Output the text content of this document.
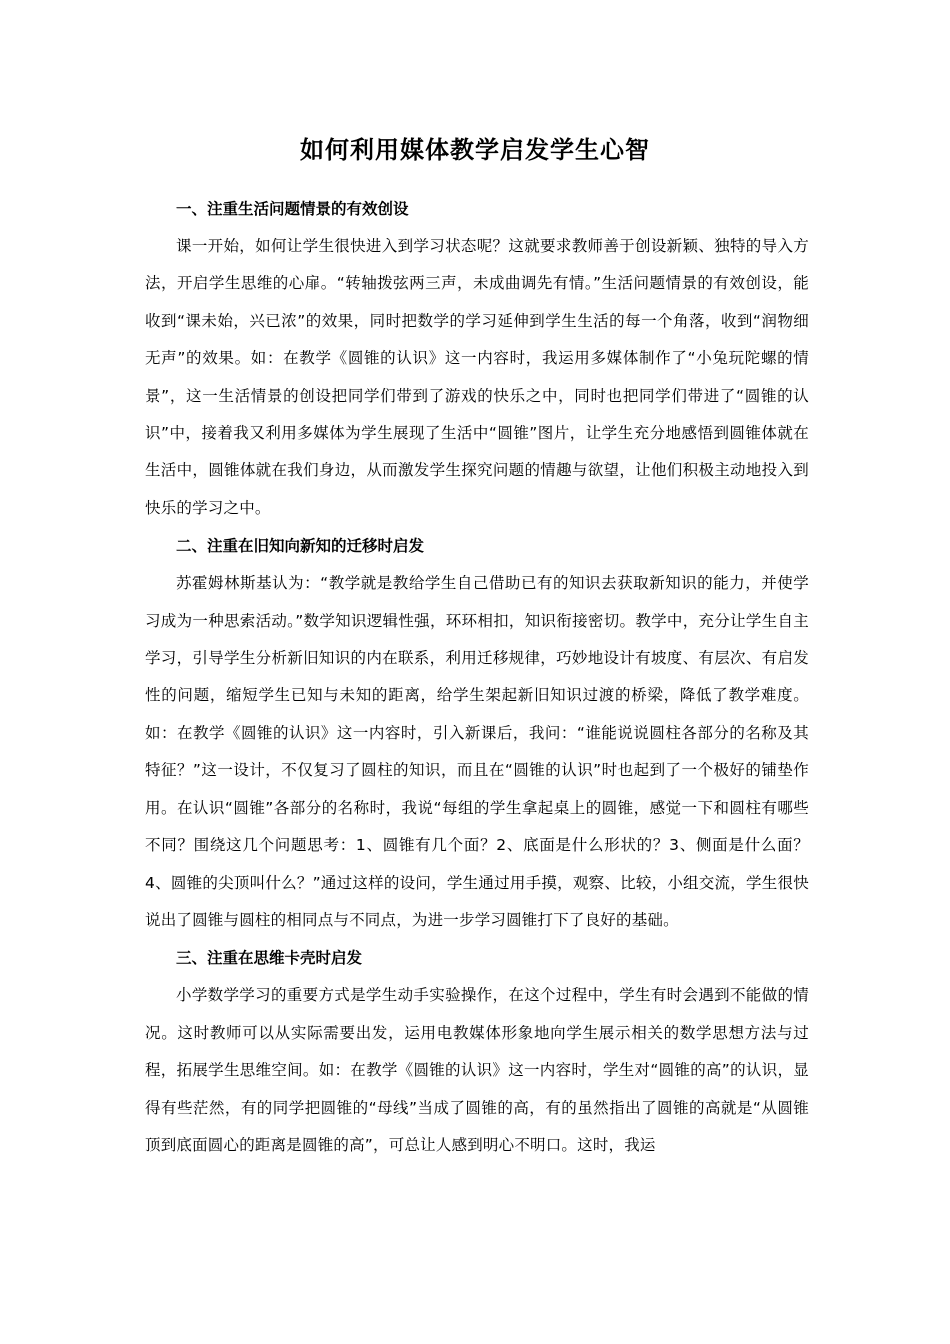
如何利用媒体教学启发学生心智

一、注重生活问题情景的有效创设

课一开始，如何让学生很快进入到学习状态呢？这就要求教师善于创设新颖、独特的导入方法，开启学生思维的心扉。“转轴拨弦两三声，未成曲调先有情。”生活问题情景的有效创设，能收到“课未始，兴已浓”的效果，同时把数学的学习延伸到学生生活的每一个角落，收到“润物细无声”的效果。如：在教学《圆锥的认识》这一内容时，我运用多媒体制作了“小兔玩陀螺的情景”，这一生活情景的创设把同学们带到了游戏的快乐之中，同时也把同学们带进了“圆锥的认识”中，接着我又利用多媒体为学生展现了生活中“圆锥”图片，让学生充分地感悟到圆锥体就在生活中，圆锥体就在我们身边，从而激发学生探究问题的情趣与欲望，让他们积极主动地投入到快乐的学习之中。

二、注重在旧知向新知的迁移时启发

苏霍姆林斯基认为：“教学就是教给学生自己借助已有的知识去获取新知识的能力，并使学习成为一种思索活动。”数学知识逻辑性强，环环相扣，知识衔接密切。教学中，充分让学生自主学习，引导学生分析新旧知识的内在联系，利用迁移规律，巧妙地设计有坡度、有层次、有启发性的问题，缩短学生已知与未知的距离，给学生架起新旧知识过渡的桥梁，降低了教学难度。如：在教学《圆锥的认识》这一内容时，引入新课后，我问：“谁能说说圆柱各部分的名称及其特征？”这一设计，不仅复习了圆柱的知识，而且在“圆锥的认识”时也起到了一个极好的铺垫作用。在认识“圆锥”各部分的名称时，我说“每组的学生拿起桌上的圆锥，感觉一下和圆柱有哪些不同？围绕这几个问题思考：1、圆锥有几个面？2、底面是什么形状的？3、侧面是什么面？4、圆锥的尖顶叫什么？”通过这样的设问，学生通过用手摸，观察、比较，小组交流，学生很快说出了圆锥与圆柱的相同点与不同点，为进一步学习圆锥打下了良好的基础。

三、注重在思维卡壳时启发

小学数学学习的重要方式是学生动手实验操作，在这个过程中，学生有时会遇到不能做的情况。这时教师可以从实际需要出发，运用电教媒体形象地向学生展示相关的数学思想方法与过程，拓展学生思维空间。如：在教学《圆锥的认识》这一内容时，学生对“圆锥的高”的认识，显得有些茫然，有的同学把圆锥的“母线”当成了圆锥的高，有的虽然指出了圆锥的高就是“从圆锥顶到底面圆心的距离是圆锥的高”，可总让人感到明心不明口。这时，我运
